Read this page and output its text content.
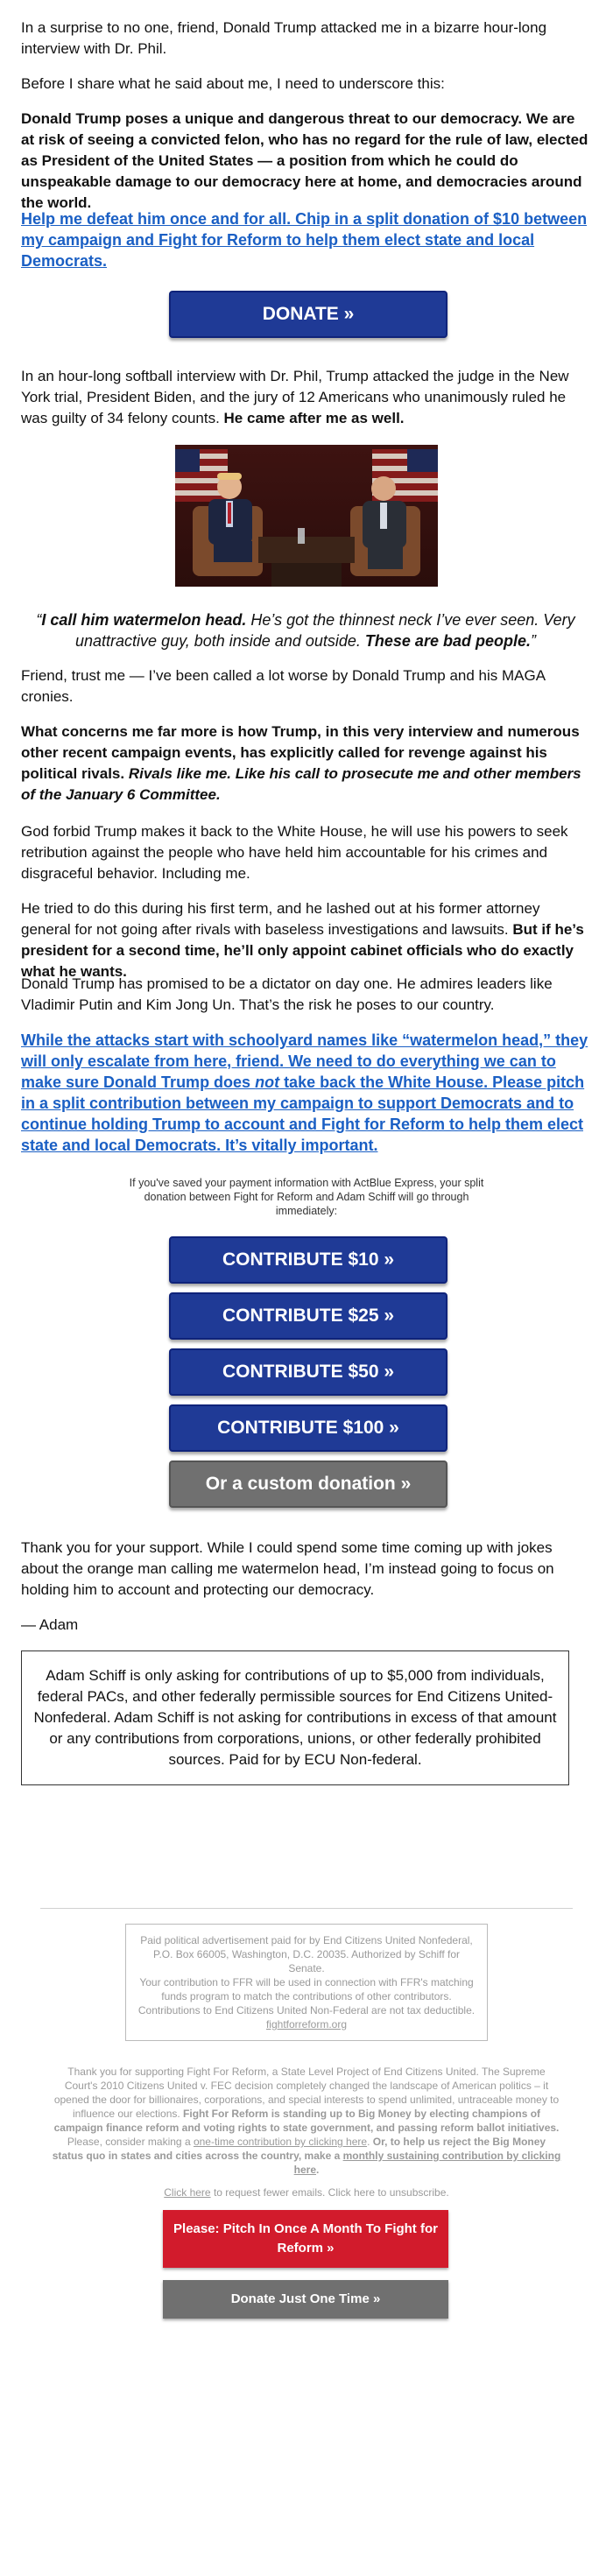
In a surprise to no one, friend, Donald Trump attacked me in a bizarre hour-long interview with Dr. Phil.

Before I share what he said about me, I need to underscore this:

Donald Trump poses a unique and dangerous threat to our democracy. We are at risk of seeing a convicted felon, who has no regard for the rule of law, elected as President of the United States — a position from which he could do unspeakable damage to our democracy here at home, and democracies around the world.

Help me defeat him once and for all. Chip in a split donation of $10 between my campaign and Fight for Reform to help them elect state and local Democrats.

DONATE »

In an hour-long softball interview with Dr. Phil, Trump attacked the judge in the New York trial, President Biden, and the jury of 12 Americans who unanimously ruled he was guilty of 34 felony counts. He came after me as well.

“I call him watermelon head. He’s got the thinnest neck I’ve ever seen. Very unattractive guy, both inside and outside. These are bad people.”

Friend, trust me — I’ve been called a lot worse by Donald Trump and his MAGA cronies.

What concerns me far more is how Trump, in this very interview and numerous other recent campaign events, has explicitly called for revenge against his political rivals. Rivals like me. Like his call to prosecute me and other members of the January 6 Committee.

God forbid Trump makes it back to the White House, he will use his powers to seek retribution against the people who have held him accountable for his crimes and disgraceful behavior. Including me.

He tried to do this during his first term, and he lashed out at his former attorney general for not going after rivals with baseless investigations and lawsuits. But if he’s president for a second time, he’ll only appoint cabinet officials who do exactly what he wants.

Donald Trump has promised to be a dictator on day one. He admires leaders like Vladimir Putin and Kim Jong Un. That’s the risk he poses to our country.

While the attacks start with schoolyard names like “watermelon head,” they will only escalate from here, friend. We need to do everything we can to make sure Donald Trump does not take back the White House. Please pitch in a split contribution between my campaign to support Democrats and to continue holding Trump to account and Fight for Reform to help them elect state and local Democrats. It’s vitally important.

If you've saved your payment information with ActBlue Express, your split donation between Fight for Reform and Adam Schiff will go through immediately:

CONTRIBUTE $10 »
CONTRIBUTE $25 »
CONTRIBUTE $50 »
CONTRIBUTE $100 »
Or a custom donation »

Thank you for your support. While I could spend some time coming up with jokes about the orange man calling me watermelon head, I’m instead going to focus on holding him to account and protecting our democracy.

— Adam

Adam Schiff is only asking for contributions of up to $5,000 from individuals, federal PACs, and other federally permissible sources for End Citizens United-Nonfederal. Adam Schiff is not asking for contributions in excess of that amount or any contributions from corporations, unions, or other federally prohibited sources. Paid for by ECU Non-federal.
Paid political advertisement paid for by End Citizens United Nonfederal, P.O. Box 66005, Washington, D.C. 20035. Authorized by Schiff for Senate.
Your contribution to FFR will be used in connection with FFR's matching funds program to match the contributions of other contributors.
Contributions to End Citizens United Non-Federal are not tax deductible.
fightforreform.org

Thank you for supporting Fight For Reform, a State Level Project of End Citizens United. The Supreme Court's 2010 Citizens United v. FEC decision completely changed the landscape of American politics – it opened the door for billionaires, corporations, and special interests to spend unlimited, untraceable money to influence our elections. Fight For Reform is standing up to Big Money by electing champions of campaign finance reform and voting rights to state government, and passing reform ballot initiatives.

Please, consider making a one-time contribution by clicking here. Or, to help us reject the Big Money status quo in states and cities across the country, make a monthly sustaining contribution by clicking here.

Click here to request fewer emails. Click here to unsubscribe.

Please: Pitch In Once A Month To Fight for Reform »
Donate Just One Time »
